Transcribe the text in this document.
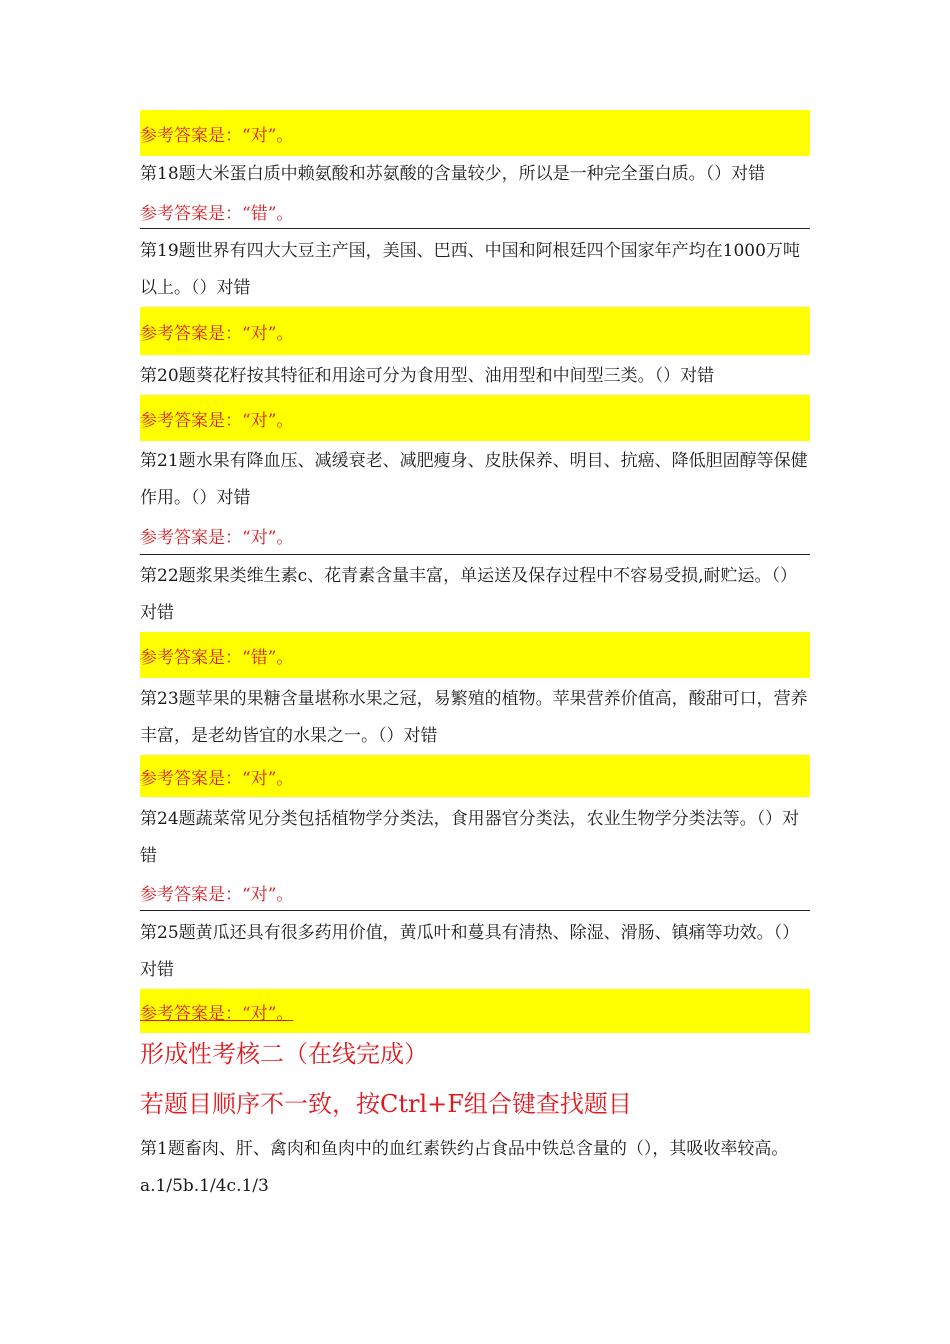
参考答案是：“对”。
第18题大米蛋白质中赖氨酸和苏氨酸的含量较少，所以是一种完全蛋白质。（）对错
参考答案是：“错”。
第19题世界有四大大豆主产国，美国、巴西、中国和阿根廷四个国家年产均在1000万吨以上。（）对错
参考答案是：“对”。
第20题葵花籽按其特征和用途可分为食用型、油用型和中间型三类。（）对错
参考答案是：“对”。
第21题水果有降血压、减缓衰老、减肥瘦身、皮肤保养、明目、抗癌、降低胆固醇等保健作用。（）对错
参考答案是：“对”。
第22题浆果类维生素c、花青素含量丰富，单运送及保存过程中不容易受损,耐贮运。（）对错
参考答案是：“错”。
第23题苹果的果糖含量堪称水果之冠，易繁殖的植物。苹果营养价值高，酸甜可口，营养丰富，是老幼皆宜的水果之一。（）对错
参考答案是：“对”。
第24题蔬菜常见分类包括植物学分类法，食用器官分类法，农业生物学分类法等。（）对错
参考答案是：“对”。
第25题黄瓜还具有很多药用价值，黄瓜叶和蔓具有清热、除湿、滑肠、镇痛等功效。（）对错
参考答案是：“对”。
形成性考核二（在线完成）
若题目顺序不一致，按Ctrl+F组合键查找题目
第1题畜肉、肝、禽肉和鱼肉中的血红素铁约占食品中铁总含量的（），其吸收率较高。a.1/5b.1/4c.1/3
